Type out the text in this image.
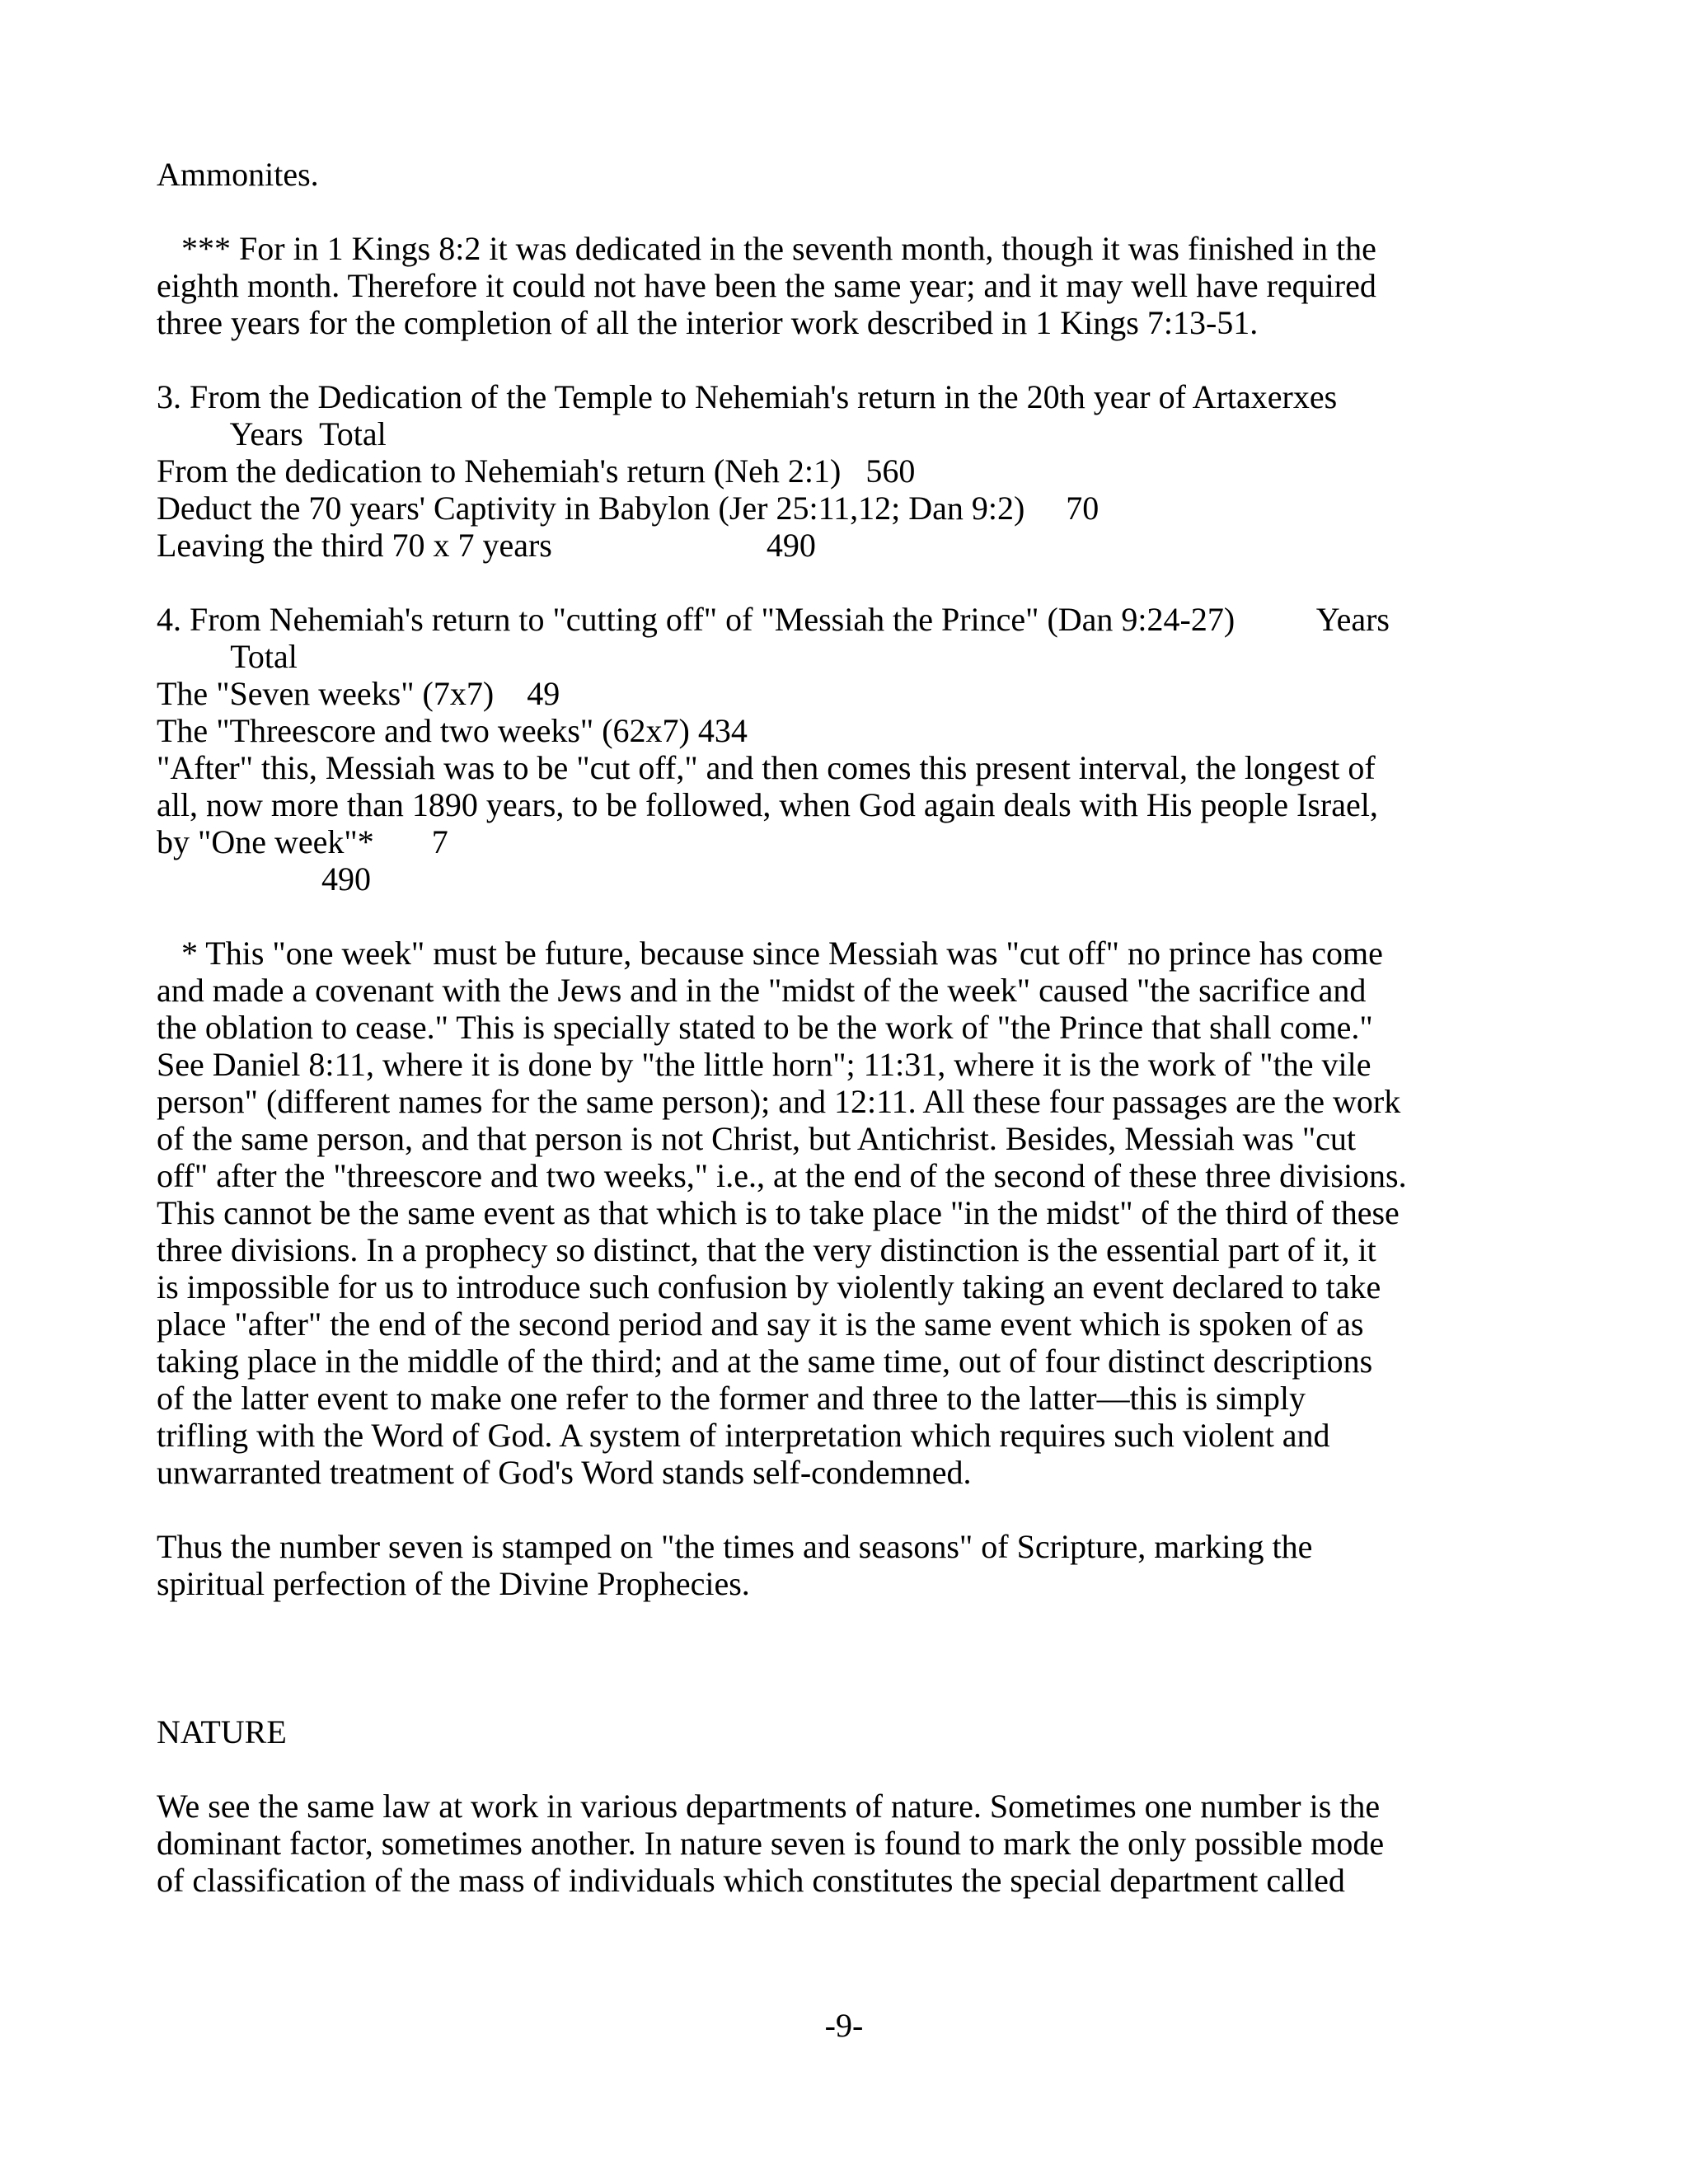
Ammonites.

*** For in 1 Kings 8:2 it was dedicated in the seventh month, though it was finished in the

eighth month. Therefore it could not have been the same year; and it may well have required

three years for the completion of all the interior work described in 1 Kings 7:13-51.

3. From the Dedication of the Temple to Nehemiah's return in the 20th year of Artaxerxes

Years  Total

From the dedication to Nehemiah's return (Neh 2:1)   560

Deduct the 70 years' Captivity in Babylon (Jer 25:11,12; Dan 9:2)     70

Leaving the third 70 x 7 years                          490

4. From Nehemiah's return to "cutting off" of "Messiah the Prince" (Dan 9:24-27)          Years

Total

The "Seven weeks" (7x7)    49

The "Threescore and two weeks" (62x7) 434

"After" this, Messiah was to be "cut off," and then comes this present interval, the longest of

all, now more than 1890 years, to be followed, when God again deals with His people Israel,

by "One week"*       7

490

* This "one week" must be future, because since Messiah was "cut off" no prince has come

and made a covenant with the Jews and in the "midst of the week" caused "the sacrifice and

the oblation to cease." This is specially stated to be the work of "the Prince that shall come."

See Daniel 8:11, where it is done by "the little horn"; 11:31, where it is the work of "the vile

person" (different names for the same person); and 12:11. All these four passages are the work

of the same person, and that person is not Christ, but Antichrist. Besides, Messiah was "cut

off" after the "threescore and two weeks," i.e., at the end of the second of these three divisions.

This cannot be the same event as that which is to take place "in the midst" of the third of these

three divisions. In a prophecy so distinct, that the very distinction is the essential part of it, it

is impossible for us to introduce such confusion by violently taking an event declared to take

place "after" the end of the second period and say it is the same event which is spoken of as

taking place in the middle of the third; and at the same time, out of four distinct descriptions

of the latter event to make one refer to the former and three to the latter—this is simply

trifling with the Word of God. A system of interpretation which requires such violent and

unwarranted treatment of God's Word stands self-condemned.

Thus the number seven is stamped on "the times and seasons" of Scripture, marking the

spiritual perfection of the Divine Prophecies.

NATURE

We see the same law at work in various departments of nature. Sometimes one number is the

dominant factor, sometimes another. In nature seven is found to mark the only possible mode

of classification of the mass of individuals which constitutes the special department called

-9-
